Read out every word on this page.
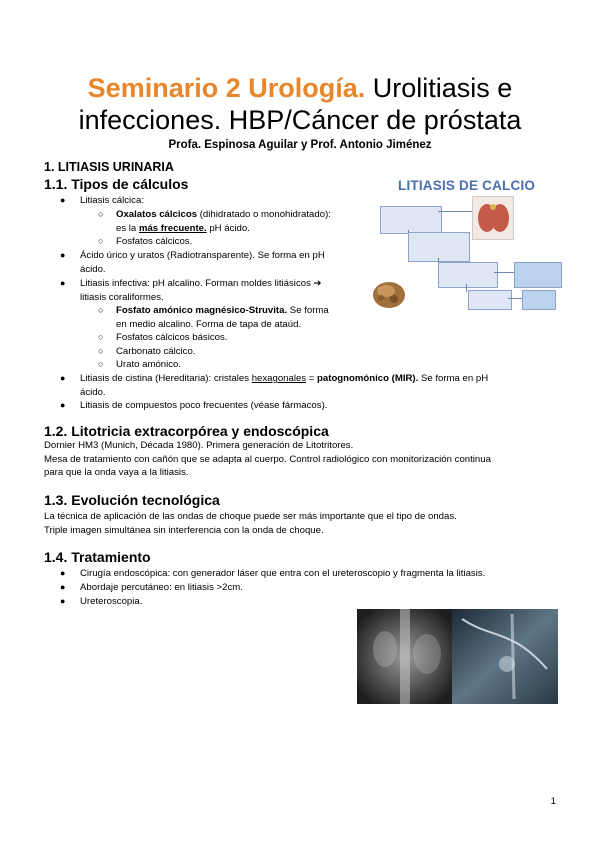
Seminario 2 Urología. Urolitiasis e
infecciones. HBP/Cáncer de próstata
Profa. Espinosa Aguilar y Prof. Antonio Jiménez
1. LITIASIS URINARIA
1.1. Tipos de cálculos
●
Litiasis cálcica:
○
Oxalatos cálcicos (dihidratado o monohidratado):
es la más frecuente. pH ácido.
○
Fosfatos cálcicos.
●
Ácido úrico y uratos (Radiotransparente). Se forma en pH
ácido.
●
Litiasis infectiva: pH alcalino. Forman moldes litiásicos ➔
litiasis coraliformes.
○
Fosfato amónico magnésico-Struvita. Se forma
en medio alcalino. Forma de tapa de ataúd.
○
Fosfatos cálcicos básicos.
○
Carbonato cálcico.
○
Urato amónico.
●
Litiasis de cistina (Hereditaria): cristales hexagonales = patognomónico (MIR). Se forma en pH
ácido.
●
Litiasis de compuestos poco frecuentes (véase fármacos).
1.2. Litotricia extracorpórea y endoscópica
Dornier HM3 (Munich, Década 1980). Primera generación de Litotritores.
Mesa de tratamiento con cañón que se adapta al cuerpo. Control radiológico con monitorización continua
para que la onda vaya a la litiasis.
1.3. Evolución tecnológica
La técnica de aplicación de las ondas de choque puede ser más importante que el tipo de ondas.
Triple imagen simultánea sin interferencia con la onda de choque.
1.4. Tratamiento
●
Cirugía endoscópica: con generador láser que entra con el ureteroscopio y fragmenta la litiasis.
●
Abordaje percutáneo: en litiasis >2cm.
●
Ureteroscopia.
LITIASIS DE CALCIO
1
